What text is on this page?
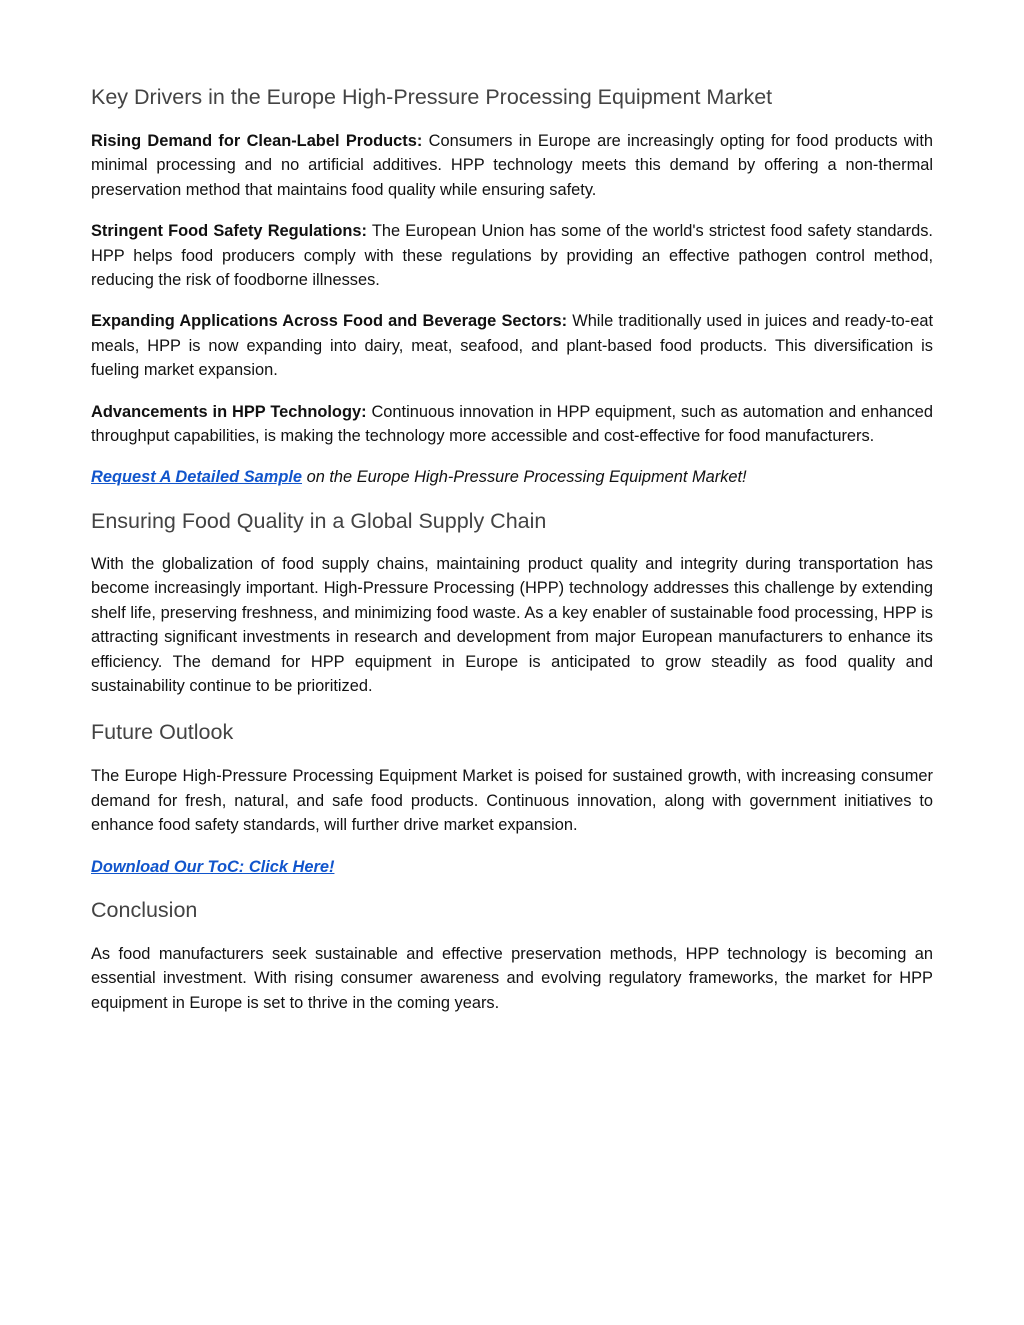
Key Drivers in the Europe High-Pressure Processing Equipment Market

Rising Demand for Clean-Label Products: Consumers in Europe are increasingly opting for food products with minimal processing and no artificial additives. HPP technology meets this demand by offering a non-thermal preservation method that maintains food quality while ensuring safety.

Stringent Food Safety Regulations: The European Union has some of the world's strictest food safety standards. HPP helps food producers comply with these regulations by providing an effective pathogen control method, reducing the risk of foodborne illnesses.

Expanding Applications Across Food and Beverage Sectors: While traditionally used in juices and ready-to-eat meals, HPP is now expanding into dairy, meat, seafood, and plant-based food products. This diversification is fueling market expansion.

Advancements in HPP Technology: Continuous innovation in HPP equipment, such as automation and enhanced throughput capabilities, is making the technology more accessible and cost-effective for food manufacturers.

Request A Detailed Sample on the Europe High-Pressure Processing Equipment Market!

Ensuring Food Quality in a Global Supply Chain

With the globalization of food supply chains, maintaining product quality and integrity during transportation has become increasingly important. High-Pressure Processing (HPP) technology addresses this challenge by extending shelf life, preserving freshness, and minimizing food waste. As a key enabler of sustainable food processing, HPP is attracting significant investments in research and development from major European manufacturers to enhance its efficiency. The demand for HPP equipment in Europe is anticipated to grow steadily as food quality and sustainability continue to be prioritized.

Future Outlook

The Europe High-Pressure Processing Equipment Market is poised for sustained growth, with increasing consumer demand for fresh, natural, and safe food products. Continuous innovation, along with government initiatives to enhance food safety standards, will further drive market expansion.

Download Our ToC: Click Here!

Conclusion

As food manufacturers seek sustainable and effective preservation methods, HPP technology is becoming an essential investment. With rising consumer awareness and evolving regulatory frameworks, the market for HPP equipment in Europe is set to thrive in the coming years.
